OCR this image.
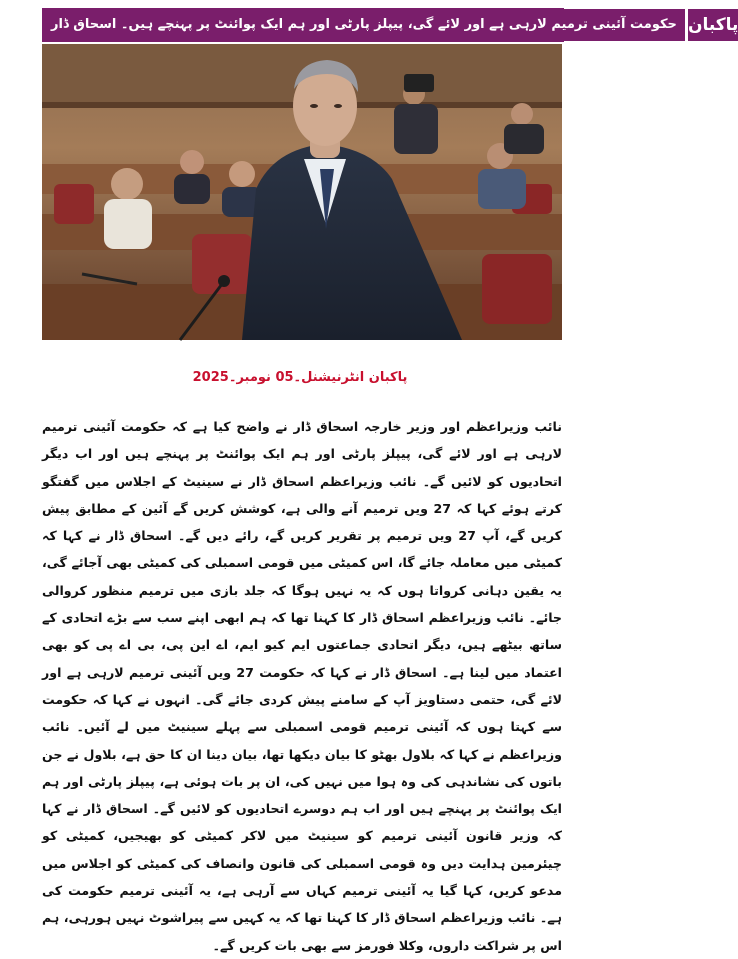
حکومت آئینی ترمیم لارہی ہے اور لائے گی، پیپلز پارٹی اور ہم ایک پوائنٹ پر پہنچے ہیں۔ اسحاق ڈار پاکبان
پاکبان انٹرنیشنل۔05 نومبر۔2025
نائب وزیراعظم اور وزیر خارجہ اسحاق ڈار نے واضح کیا ہے کہ حکومت آئینی ترمیم لارہی ہے اور لائے گی، پیپلز پارٹی اور ہم ایک پوائنٹ پر پہنچے ہیں اور اب دیگر اتحادیوں کو لائیں گے۔ نائب وزیراعظم اسحاق ڈار نے سینیٹ کے اجلاس میں گفتگو کرتے ہوئے کہا کہ 27 ویں ترمیم آنے والی ہے، کوشش کریں گے آئین کے مطابق پیش کریں گے، آپ 27 ویں ترمیم پر تقریر کریں گے، رائے دیں گے۔ اسحاق ڈار نے کہا کہ کمیٹی میں معاملہ جائے گا، اس کمیٹی میں قومی اسمبلی کی کمیٹی بھی آجائے گی، یہ یقین دہانی کرواتا ہوں کہ یہ نہیں ہوگا کہ جلد بازی میں ترمیم منظور کروالی جائے۔ نائب وزیراعظم اسحاق ڈار کا کہنا تھا کہ ہم ابھی اپنے سب سے بڑے اتحادی کے ساتھ بیٹھے ہیں، دیگر اتحادی جماعتوں ایم کیو ایم، اے این پی، بی اے پی کو بھی اعتماد میں لینا ہے۔ اسحاق ڈار نے کہا کہ حکومت 27 ویں آئینی ترمیم لارہی ہے اور لائے گی، حتمی دستاویز آپ کے سامنے پیش کردی جائے گی۔ انہوں نے کہا کہ حکومت سے کہتا ہوں کہ آئینی ترمیم قومی اسمبلی سے پہلے سینیٹ میں لے آئیں۔ نائب وزیراعظم نے کہا کہ بلاول بھٹو کا بیان دیکھا تھا، بیان دینا ان کا حق ہے، بلاول نے جن باتوں کی نشاندہی کی وہ ہوا میں نہیں کی، ان پر بات ہوئی ہے، پیپلز پارٹی اور ہم ایک پوائنٹ پر پہنچے ہیں اور اب ہم دوسرے اتحادیوں کو لائیں گے۔ اسحاق ڈار نے کہا کہ وزیر قانون آئینی ترمیم کو سینیٹ میں لاکر کمیٹی کو بھیجیں، کمیٹی کو چیئرمین ہدایت دیں وہ قومی اسمبلی کی قانون وانصاف کی کمیٹی کو اجلاس میں مدعو کریں، کہا گیا یہ آئینی ترمیم کہاں سے آرہی ہے، یہ آئینی ترمیم حکومت کی ہے۔ نائب وزیراعظم اسحاق ڈار کا کہنا تھا کہ یہ کہیں سے پیراشوٹ نہیں ہورہی، ہم اس پر شراکت داروں، وکلا فورمز سے بھی بات کریں گے۔
